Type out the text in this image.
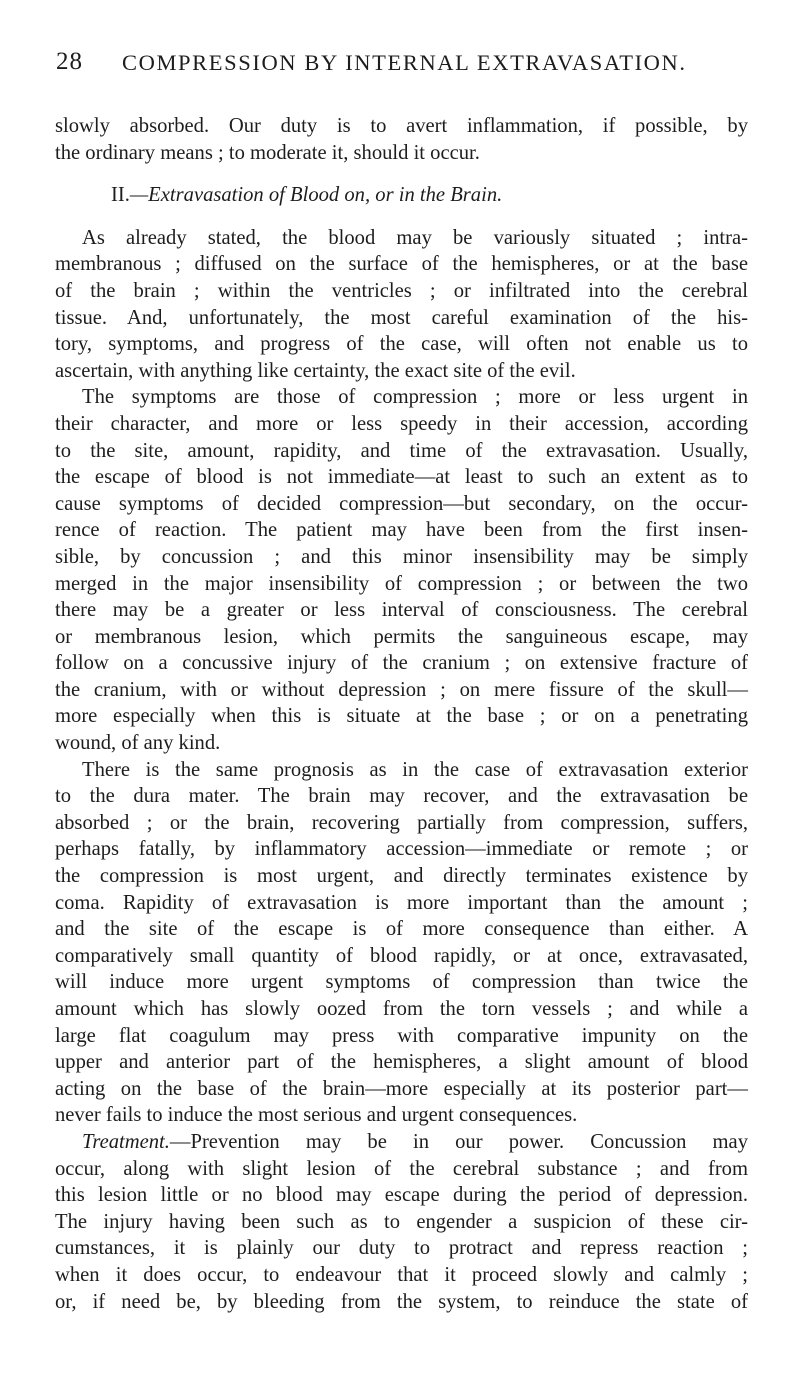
28 COMPRESSION BY INTERNAL EXTRAVASATION.
slowly absorbed. Our duty is to avert inflammation, if possible, by
the ordinary means ; to moderate it, should it occur.
II.—Extravasation of Blood on, or in the Brain.
As already stated, the blood may be variously situated ; intra-
membranous ; diffused on the surface of the hemispheres, or at the base
of the brain ; within the ventricles ; or infiltrated into the cerebral
tissue. And, unfortunately, the most careful examination of the his-
tory, symptoms, and progress of the case, will often not enable us to
ascertain, with anything like certainty, the exact site of the evil.
The symptoms are those of compression ; more or less urgent in
their character, and more or less speedy in their accession, according
to the site, amount, rapidity, and time of the extravasation. Usually,
the escape of blood is not immediate—at least to such an extent as to
cause symptoms of decided compression—but secondary, on the occur-
rence of reaction. The patient may have been from the first insen-
sible, by concussion ; and this minor insensibility may be simply
merged in the major insensibility of compression ; or between the two
there may be a greater or less interval of consciousness. The cerebral
or membranous lesion, which permits the sanguineous escape, may
follow on a concussive injury of the cranium ; on extensive fracture of
the cranium, with or without depression ; on mere fissure of the skull—
more especially when this is situate at the base ; or on a penetrating
wound, of any kind.
There is the same prognosis as in the case of extravasation exterior
to the dura mater. The brain may recover, and the extravasation be
absorbed ; or the brain, recovering partially from compression, suffers,
perhaps fatally, by inflammatory accession—immediate or remote ; or
the compression is most urgent, and directly terminates existence by
coma. Rapidity of extravasation is more important than the amount ;
and the site of the escape is of more consequence than either. A
comparatively small quantity of blood rapidly, or at once, extravasated,
will induce more urgent symptoms of compression than twice the
amount which has slowly oozed from the torn vessels ; and while a
large flat coagulum may press with comparative impunity on the
upper and anterior part of the hemispheres, a slight amount of blood
acting on the base of the brain—more especially at its posterior part—
never fails to induce the most serious and urgent consequences.
Treatment.—Prevention may be in our power. Concussion may
occur, along with slight lesion of the cerebral substance ; and from
this lesion little or no blood may escape during the period of depression.
The injury having been such as to engender a suspicion of these cir-
cumstances, it is plainly our duty to protract and repress reaction ;
when it does occur, to endeavour that it proceed slowly and calmly ;
or, if need be, by bleeding from the system, to reinduce the state of
